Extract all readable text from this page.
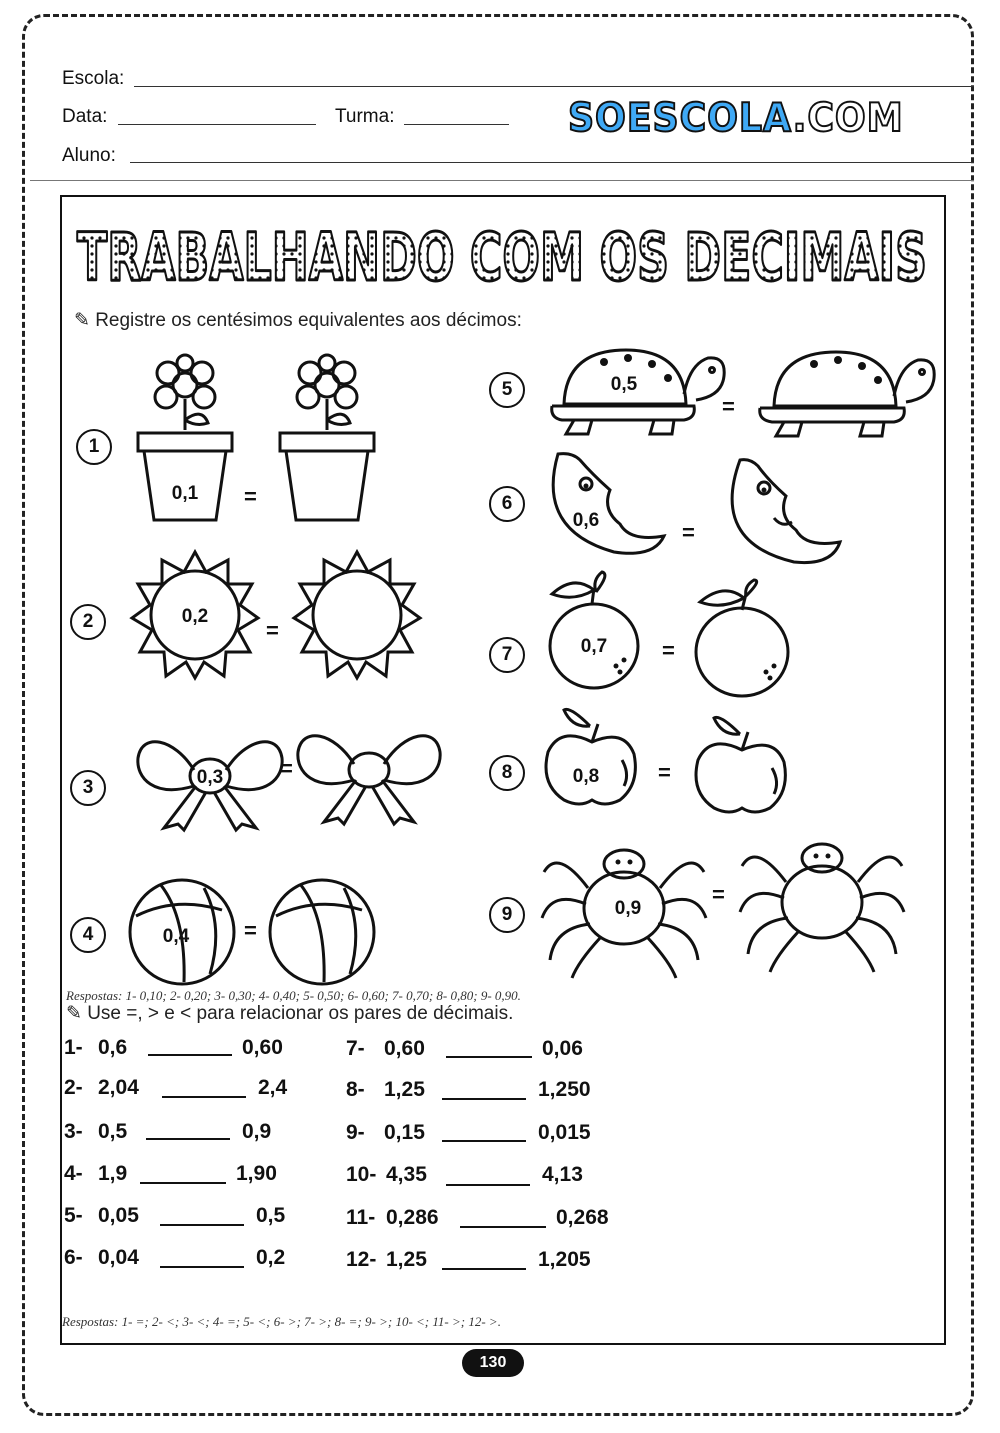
Escola:
Data:	Turma:
Aluno:
SOESCOLA.COM
TRABALHANDO COM OS DECIMAIS
✎ Registre os centésimos equivalentes aos décimos:
1
2
3
4
5
6
7
8
9
0,1 =
0,2
=
0,3	=
0,4 =
0,5
=
0,6	=
0,7 =
0,8	=
0,9
=
Respostas: 1- 0,10; 2- 0,20; 3- 0,30; 4- 0,40; 5- 0,50; 6- 0,60; 7- 0,70; 8- 0,80; 9- 0,90.
✎ Use =, > e < para relacionar os pares de décimais.
1- 0,6	0,60
2- 2,04	2,4
3- 0,5	0,9
4- 1,9	1,90
5- 0,05	0,5
6- 0,04	0,2
7- 0,60	0,06
8- 1,25	1,250
9- 0,15	0,015
10- 4,35	4,13
11- 0,286	0,268
12- 1,25	1,205
Respostas: 1- =; 2- <; 3- <; 4- =; 5- <; 6- >; 7- >; 8- =; 9- >; 10- <; 11- >; 12- >.
130
